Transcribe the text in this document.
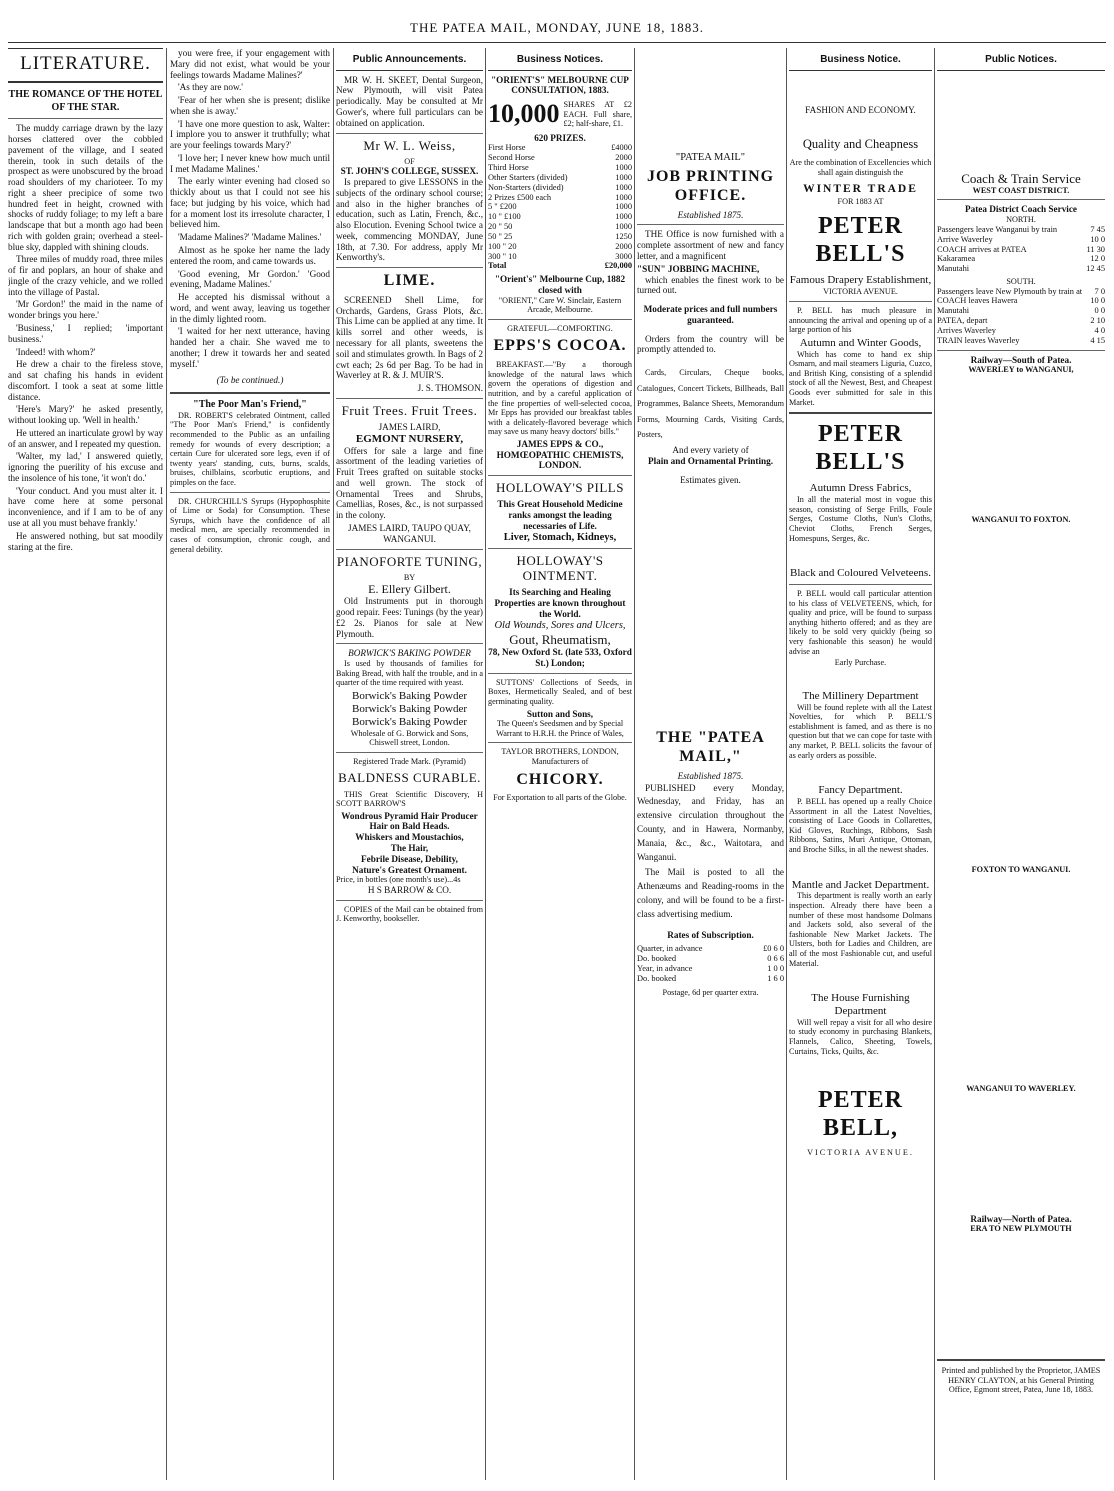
THE PATEA MAIL, MONDAY, JUNE 18, 1883.
LITERATURE.
THE ROMANCE OF THE HOTEL OF THE STAR.

The muddy carriage drawn by the lazy horses clattered over the cobbled pavement of the village, and I seated therein, took in such details of the prospect as were unobscured by the broad road shoulders of my charioteer. To my right a sheer precipice of some two hundred feet in height, crowned with shocks of ruddy foliage; to my left a bare landscape that but a month ago had been rich with golden grain; overhead a steel-blue sky, dappled with shining clouds.

Three miles of muddy road, three miles of fir and poplars, an hour of shake and jingle of the crazy vehicle, and we rolled into the village of Pastal.

'Mr Gordon!' the maid in the name of wonder brings you here.'

'Business,' I replied; 'important business.'

'Indeed! with whom?'

He drew a chair to the fireless stove, and sat chafing his hands in evident discomfort. I took a seat at some little distance.

'Here's Mary?' he asked presently, without looking up. 'Well in health.'

He uttered an inarticulate growl by way of an answer, and I repeated my question.

'Walter, my lad,' I answered quietly, ignoring the puerility of his excuse and the insolence of his tone, 'it won't do.'

'Your conduct. And you must alter it. I have come here at some personal inconvenience, and if I am to be of any use at all you must behave frankly.'

He answered nothing, but sat moodily staring at the fire.

you were free, if your engagement with Mary did not exist, what would be your feelings towards Madame Malines?'

'As they are now.'

'Fear of her when she is present; dislike when she is away.'

'I have one more question to ask, Walter: I implore you to answer it truthfully; what are your feelings towards Mary?'

'I love her; I never knew how much until I met Madame Malines.'

The early winter evening had closed so thickly about us that I could not see his face; but judging by his voice, which had for a moment lost its irresolute character, I believed him.

'Madame Malines?' 'Madame Malines.'

Almost as he spoke her name the lady entered the room, and came towards us.

'Good evening, Mr Gordon.' 'Good evening, Madame Malines.'

He accepted his dismissal without a word, and went away, leaving us together in the dimly lighted room.

'I waited for her next utterance, having handed her a chair. She waved me to another; I drew it towards her and seated myself.'

(To be continued.)
"The Poor Man's Friend,"

DR. ROBERT'S celebrated Ointment, called "The Poor Man's Friend," is confidently recommended to the Public as an unfailing remedy for wounds of every description; a certain Cure for ulcerated sore legs, even if of twenty years' standing, cuts, burns, scalds, bruises, chilblains, scorbutic eruptions, and pimples on the face.

DR. CHURCHILL'S Syrups (Hypophosphite of Lime or Soda) for Consumption. These Syrups, which have the confidence of all medical men, are specially recommended in cases of consumption, chronic cough, and general debility.

Public Announcements.

MR W. H. SKEET, Dental Surgeon, New Plymouth, will visit Patea periodically. May be consulted at Mr Gower's, where full particulars can be obtained on application.

Mr W. L. Weiss,
OF
ST. JOHN'S COLLEGE, SUSSEX.

Is prepared to give LESSONS in the subjects of the ordinary school course; and also in the higher branches of education, such as Latin, French, &c., also Elocution. Evening School twice a week, commencing MONDAY, June 18th, at 7.30. For address, apply Mr Kenworthy's.

LIME.

SCREENED Shell Lime, for Orchards, Gardens, Grass Plots, &c. This Lime can be applied at any time. It kills sorrel and other weeds, is necessary for all plants, sweetens the soil and stimulates growth. In Bags of 2 cwt each; 2s 6d per Bag. To be had in Waverley at R. & J. MUIR'S.

J. S. THOMSON.
Fruit Trees. Fruit Trees.
JAMES LAIRD,
EGMONT NURSERY,

Offers for sale a large and fine assortment of the leading varieties of Fruit Trees grafted on suitable stocks and well grown. The stock of Ornamental Trees and Shrubs, Camellias, Roses, &c., is not surpassed in the colony.

JAMES LAIRD, TAUPO QUAY, WANGANUI.
PIANOFORTE TUNING,
BY
E. Ellery Gilbert.

Old Instruments put in thorough good repair. Fees: Tunings (by the year) £2 2s. Pianos for sale at New Plymouth.

BORWICK'S BAKING POWDER

Is used by thousands of families for Baking Bread, with half the trouble, and in a quarter of the time required with yeast.

Borwick's Baking Powder
Borwick's Baking Powder
Borwick's Baking Powder
Wholesale of G. Borwick and Sons, Chiswell street, London.
Registered Trade Mark. (Pyramid)
BALDNESS CURABLE.

THIS Great Scientific Discovery, H SCOTT BARROW'S

Wondrous Pyramid Hair Producer
Hair on Bald Heads.
Whiskers and Moustachios,
The Hair,
Febrile Disease, Debility,
Nature's Greatest Ornament.
Price, in bottles (one month's use)...4s
H S BARROW & CO.

COPIES of the Mail can be obtained from J. Kenworthy, bookseller.

Business Notices.
"ORIENT'S" MELBOURNE CUP CONSULTATION, 1883.
10,000 SHARES AT £2 EACH. Full share, £2; half-share, £1.
620 PRIZES.
First Horse	£4000
Second Horse	2000
Third Horse	1000
Other Starters (divided)	1000
Non-Starters (divided)	1000
2 Prizes £500 each	1000
5 " £200	1000
10 " £100	1000
20 " 50	1000
50 " 25	1250
100 " 20	2000
300 " 10	3000
Total	£20,000
"Orient's" Melbourne Cup, 1882 closed with
"ORIENT," Care W. Sinclair, Eastern Arcade, Melbourne.
GRATEFUL—COMFORTING.
EPPS'S COCOA.

BREAKFAST.—"By a thorough knowledge of the natural laws which govern the operations of digestion and nutrition, and by a careful application of the fine properties of well-selected cocoa, Mr Epps has provided our breakfast tables with a delicately-flavored beverage which may save us many heavy doctors' bills."

JAMES EPPS & CO., HOMŒOPATHIC CHEMISTS, LONDON.
HOLLOWAY'S PILLS
This Great Household Medicine ranks amongst the leading necessaries of Life.
Liver, Stomach, Kidneys,
HOLLOWAY'S OINTMENT.
Its Searching and Healing Properties are known throughout the World.
Old Wounds, Sores and Ulcers,
Gout, Rheumatism,
78, New Oxford St. (late 533, Oxford St.) London;

SUTTONS' Collections of Seeds, in Boxes, Hermetically Sealed, and of best germinating quality.

Sutton and Sons,
The Queen's Seedsmen and by Special Warrant to H.R.H. the Prince of Wales,
TAYLOR BROTHERS, LONDON, Manufacturers of
CHICORY.
For Exportation to all parts of the Globe.
"PATEA MAIL"
JOB PRINTING OFFICE.
Established 1875.

THE Office is now furnished with a complete assortment of new and fancy letter, and a magnificent

"SUN" JOBBING MACHINE,

which enables the finest work to be turned out.

Moderate prices and full numbers guaranteed.

Orders from the country will be promptly attended to.

Cards, Circulars, Cheque books, Catalogues, Concert Tickets, Billheads, Ball Programmes, Balance Sheets, Memorandum Forms, Mourning Cards, Visiting Cards, Posters,

And every variety of
Plain and Ornamental Printing.
Estimates given.
THE "PATEA MAIL,"
Established 1875.

PUBLISHED every Monday, Wednesday, and Friday, has an extensive circulation throughout the County, and in Hawera, Normanby, Manaia, &c., &c., Waitotara, and Wanganui.

The Mail is posted to all the Athenæums and Reading-rooms in the colony, and will be found to be a first-class advertising medium.

Rates of Subscription.
Quarter, in advance	£0 6 0
Do. booked	0 6 6
Year, in advance	1 0 0
Do. booked	1 6 0
Postage, 6d per quarter extra.
Business Notice.
FASHION AND ECONOMY.
Quality and Cheapness
Are the combination of Excellencies which shall again distinguish the
WINTER TRADE
FOR 1883 AT
PETER BELL'S
Famous Drapery Establishment,
VICTORIA AVENUE.

P. BELL has much pleasure in announcing the arrival and opening up of a large portion of his

Autumn and Winter Goods,

Which has come to hand ex ship Osmarn, and mail steamers Liguria, Cuzco, and British King, consisting of a splendid stock of all the Newest, Best, and Cheapest Goods ever submitted for sale in this Market.

PETER BELL'S
Autumn Dress Fabrics,

In all the material most in vogue this season, consisting of Serge Frills, Foule Serges, Costume Cloths, Nun's Cloths, Cheviot Cloths, French Serges, Homespuns, Serges, &c.

Black and Coloured Velveteens.

P. BELL would call particular attention to his class of VELVETEENS, which, for quality and price, will be found to surpass anything hitherto offered; and as they are likely to be sold very quickly (being so very fashionable this season) he would advise an

Early Purchase.
The Millinery Department

Will be found replete with all the Latest Novelties, for which P. BELL'S establishment is famed, and as there is no question but that we can cope for taste with any market, P. BELL solicits the favour of as early orders as possible.

Fancy Department.

P. BELL has opened up a really Choice Assortment in all the Latest Novelties, consisting of Lace Goods in Collarettes, Kid Gloves, Ruchings, Ribbons, Sash Ribbons, Satins, Muri Antique, Ottoman, and Broche Silks, in all the newest shades.

Mantle and Jacket Department.

This department is really worth an early inspection. Already there have been a number of these most handsome Dolmans and Jackets sold, also several of the fashionable New Market Jackets. The Ulsters, both for Ladies and Children, are all of the most Fashionable cut, and useful Material.

The House Furnishing Department

Will well repay a visit for all who desire to study economy in purchasing Blankets, Flannels, Calico, Sheeting, Towels, Curtains, Ticks, Quilts, &c.

PETER BELL,
VICTORIA AVENUE.
Public Notices.
Coach & Train Service
WEST COAST DISTRICT.
Patea District Coach Service
NORTH.
Passengers leave Wanganui by train	7 45
Arrive Waverley	10 0
COACH arrives at PATEA	11 30
Kakaramea	12 0
Manutahi	12 45
SOUTH.
Passengers leave New Plymouth by train at	7 0
COACH leaves Hawera	10 0
Manutahi	0 0
PATEA, depart	2 10
Arrives Waverley	4 0
TRAIN leaves Waverley	4 15
Railway—South of Patea.
WAVERLEY to WANGANUI,
WANGANUI TO FOXTON.
FOXTON TO WANGANUI.
WANGANUI TO WAVERLEY.
Railway—North of Patea.
ERA TO NEW PLYMOUTH
Printed and published by the Proprietor, JAMES HENRY CLAYTON, at his General Printing Office, Egmont street, Patea, June 18, 1883.
